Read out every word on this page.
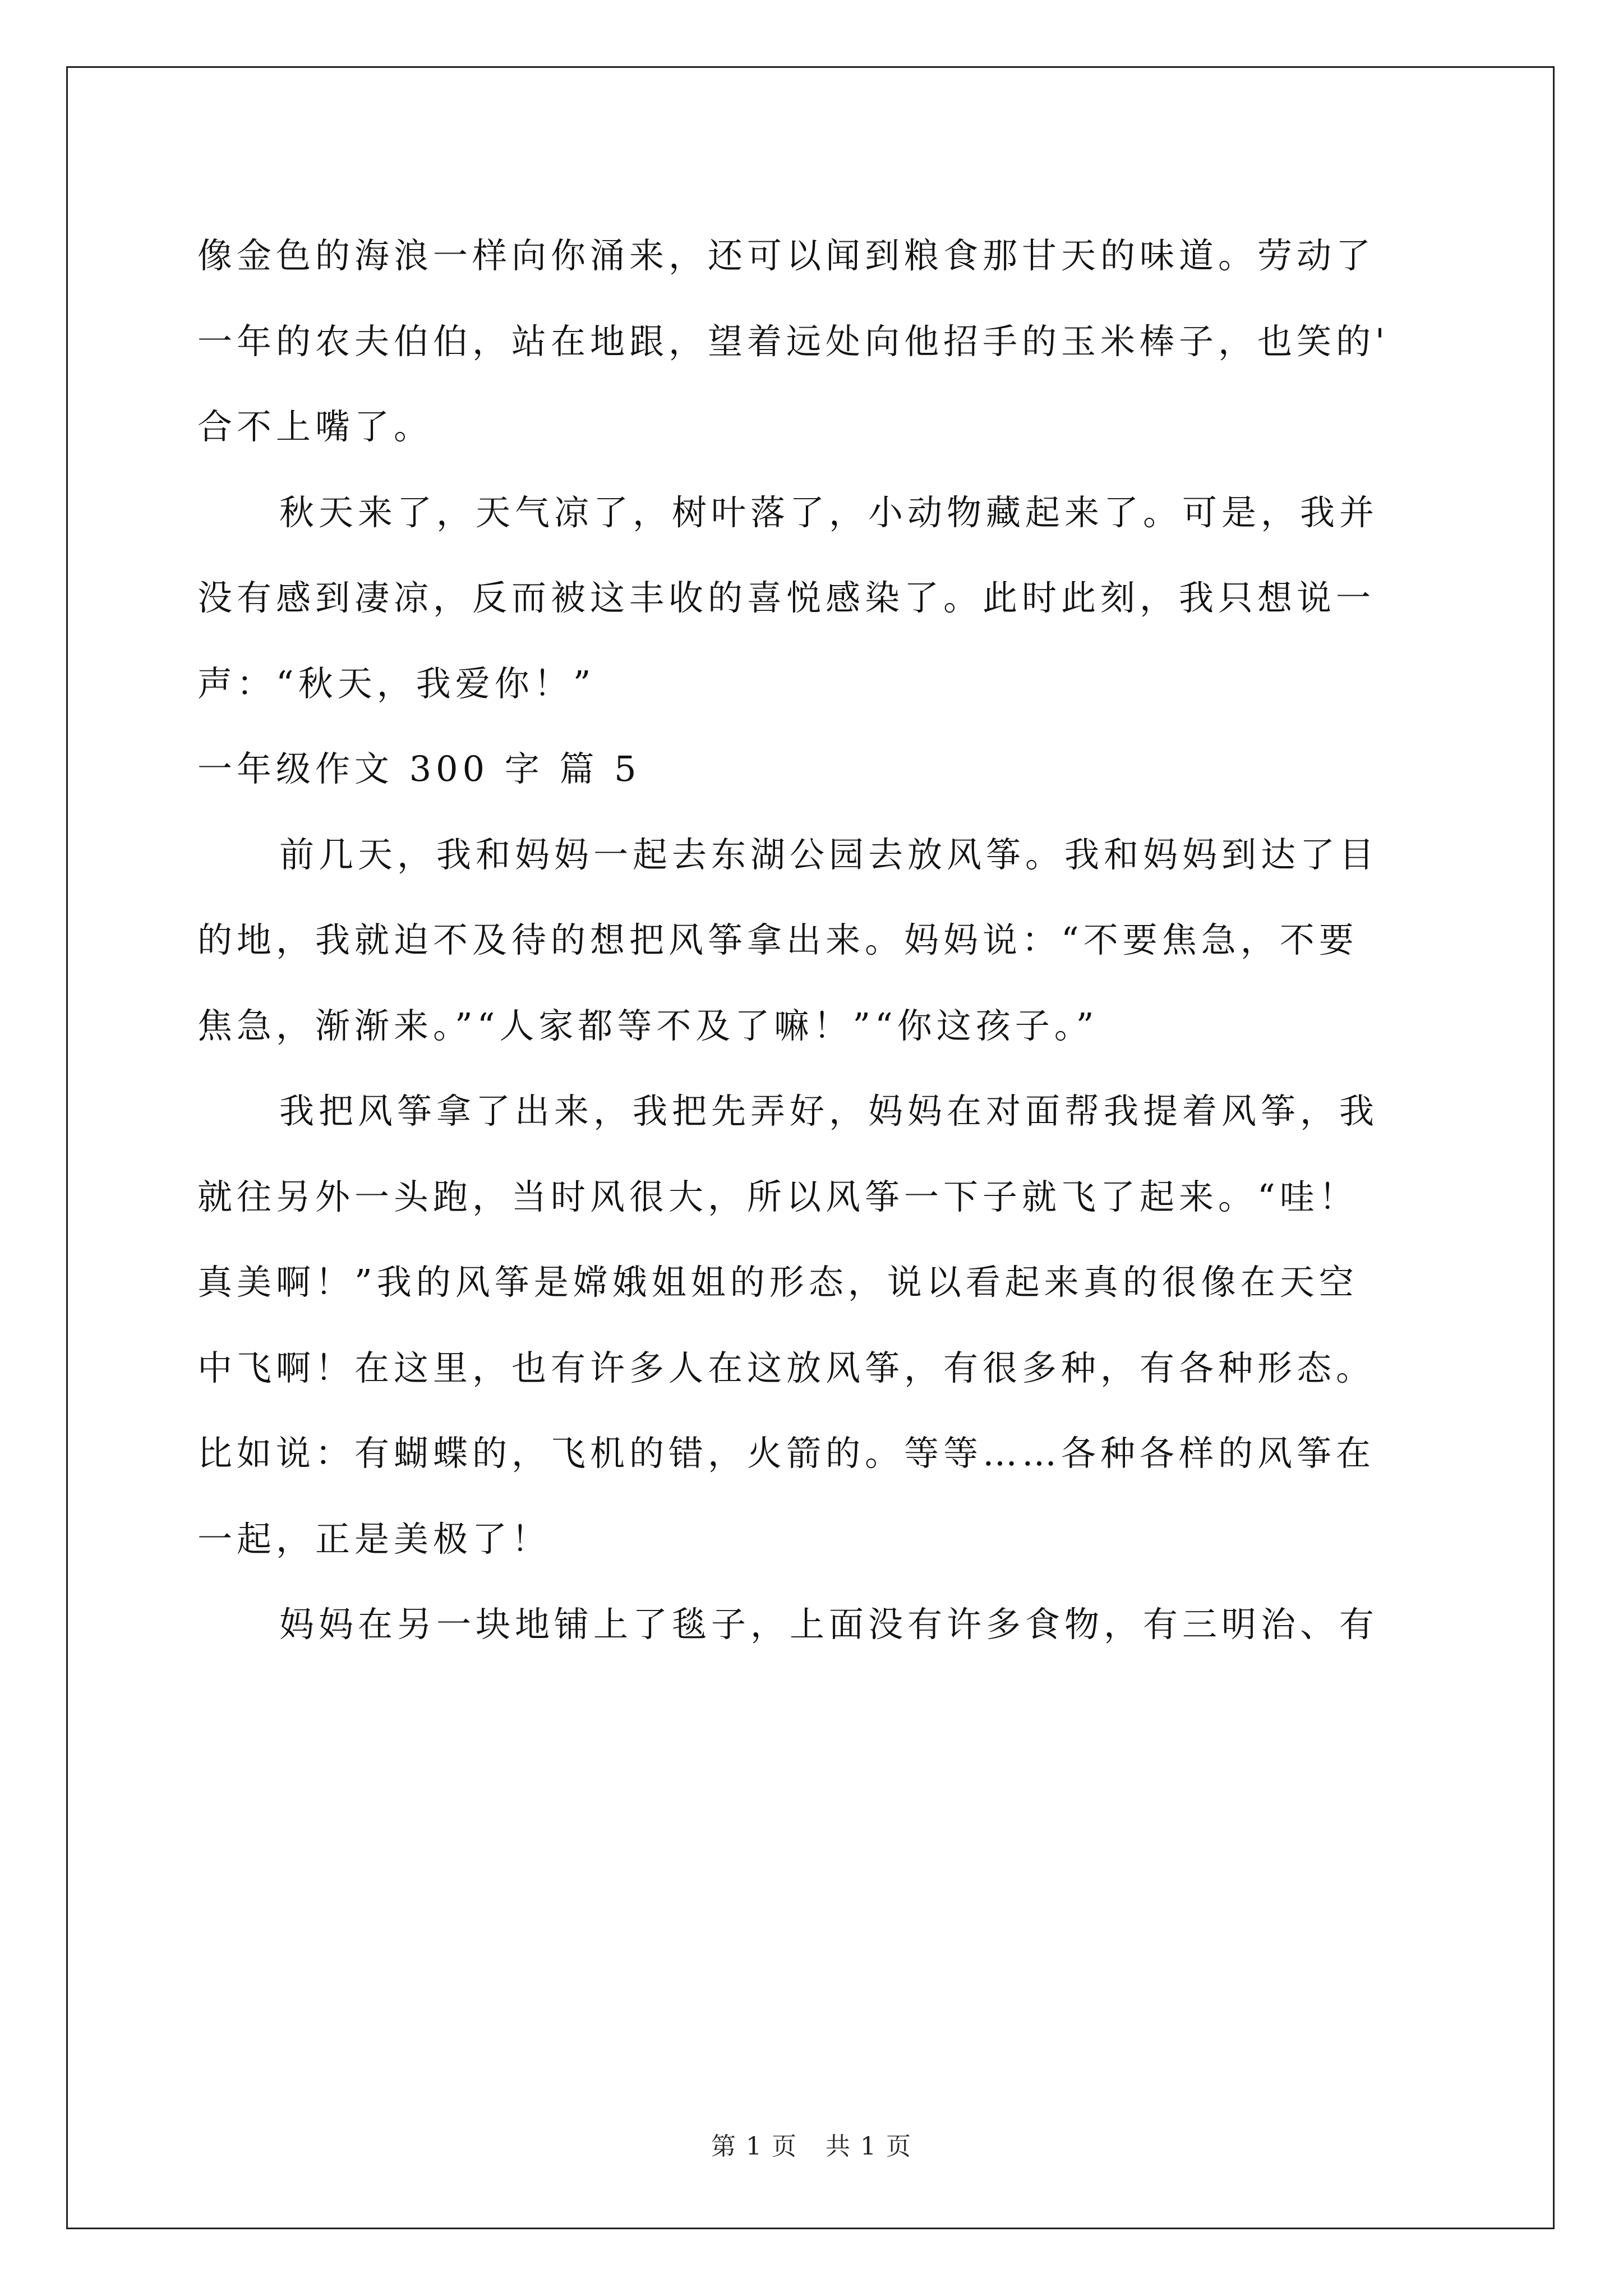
像金色的海浪一样向你涌来，还可以闻到粮食那甘天的味道。劳动了

一年的农夫伯伯，站在地跟，望着远处向他招手的玉米棒子，也笑的'

合不上嘴了。

秋天来了，天气凉了，树叶落了，小动物藏起来了。可是，我并

没有感到凄凉，反而被这丰收的喜悦感染了。此时此刻，我只想说一

声：“秋天，我爱你！”

一年级作文 300 字 篇 5

前几天，我和妈妈一起去东湖公园去放风筝。我和妈妈到达了目

的地，我就迫不及待的想把风筝拿出来。妈妈说：“不要焦急，不要

焦急，渐渐来。”“人家都等不及了嘛！”“你这孩子。”

我把风筝拿了出来，我把先弄好，妈妈在对面帮我提着风筝，我

就往另外一头跑，当时风很大，所以风筝一下子就飞了起来。“哇！

真美啊！”我的风筝是嫦娥姐姐的形态，说以看起来真的很像在天空

中飞啊！在这里，也有许多人在这放风筝，有很多种，有各种形态。

比如说：有蝴蝶的，飞机的错，火箭的。等等……各种各样的风筝在

一起，正是美极了！

妈妈在另一块地铺上了毯子，上面没有许多食物，有三明治、有

第 1 页 共 1 页
